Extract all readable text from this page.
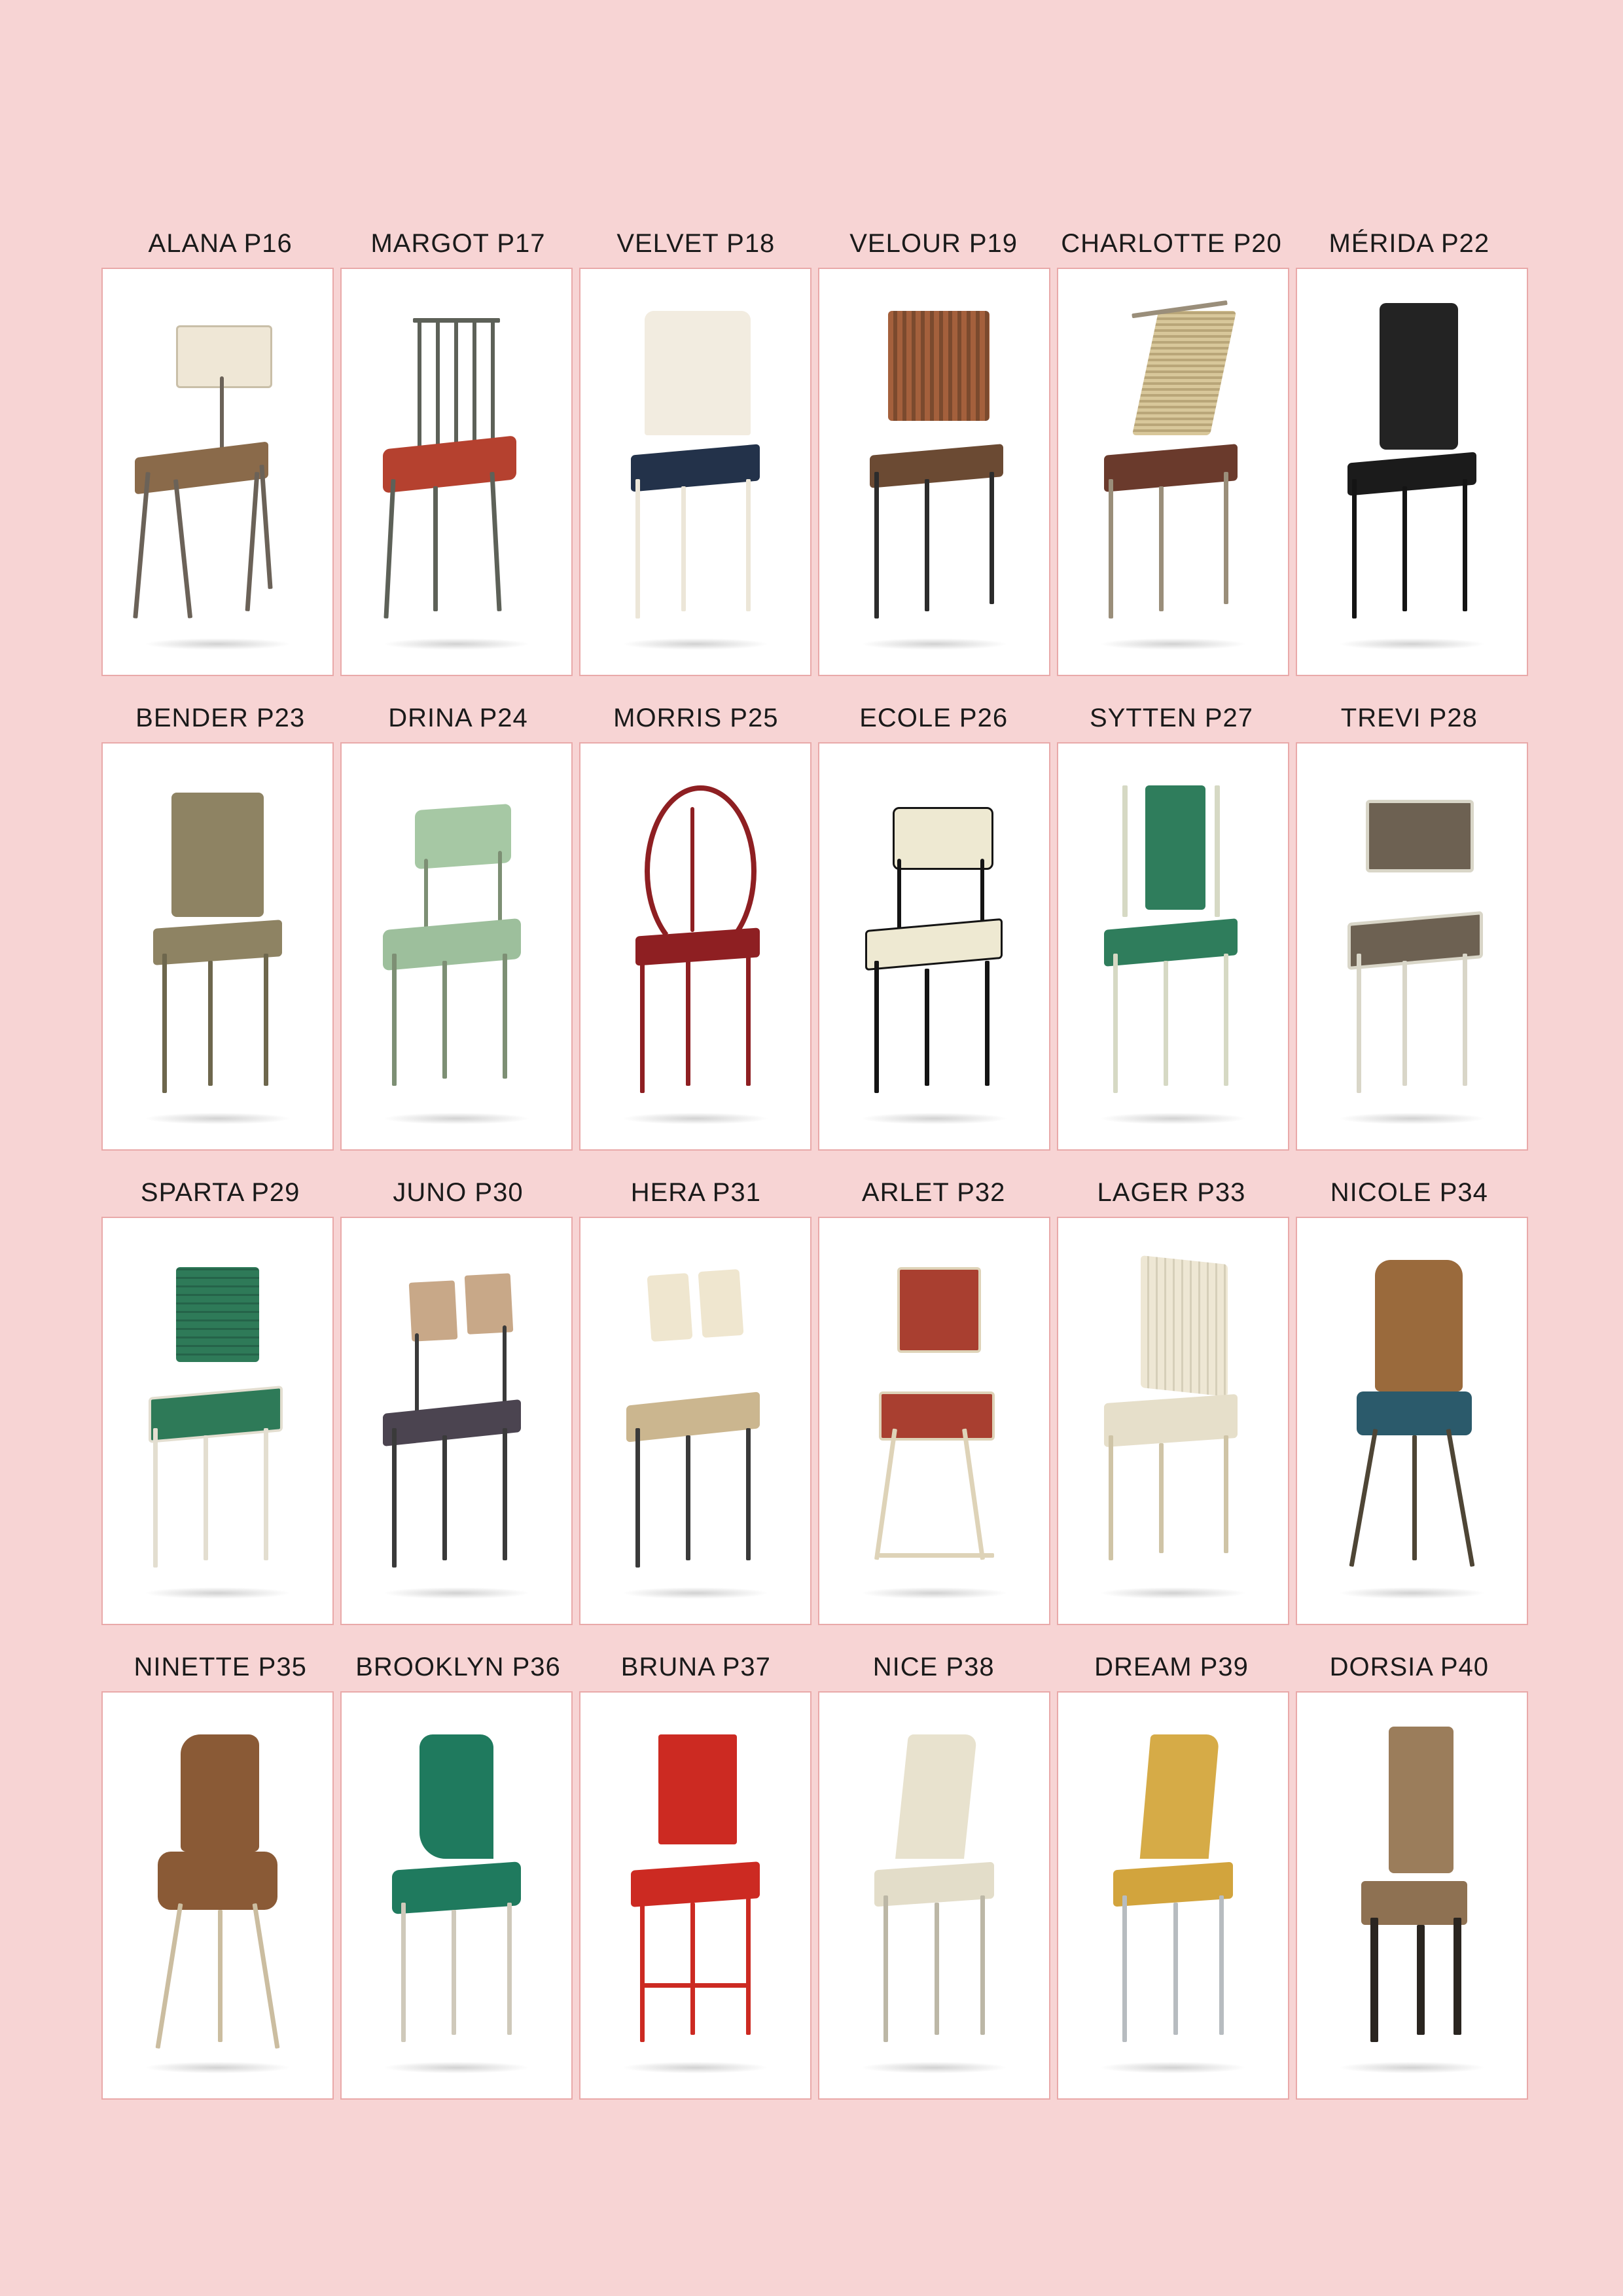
ALANA P16	MARGOT P17	VELVET P18	VELOUR P19	CHARLOTTE P20	MÉRIDA P22
BENDER P23	DRINA P24	MORRIS P25	ECOLE P26	SYTTEN P27	TREVI P28
SPARTA P29	JUNO P30	HERA P31	ARLET P32	LAGER P33	NICOLE P34
NINETTE P35	BROOKLYN P36	BRUNA P37	NICE P38	DREAM P39	DORSIA P40
